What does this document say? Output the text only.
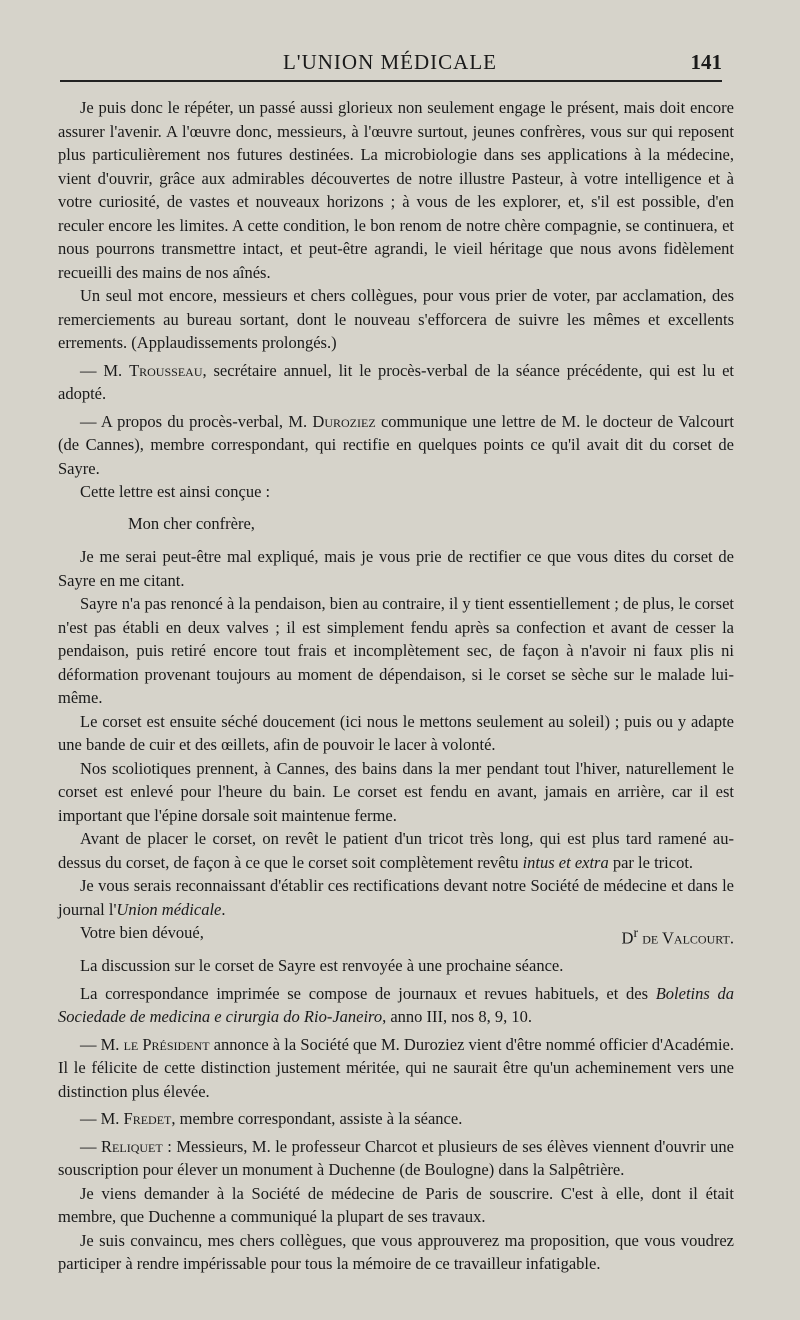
L'UNION MÉDICALE	141

Je puis donc le répéter, un passé aussi glorieux non seulement engage le présent, mais doit encore assurer l'avenir. A l'œuvre donc, messieurs, à l'œuvre surtout, jeunes confrères, vous sur qui reposent plus particulièrement nos futures destinées. La microbiologie dans ses applications à la médecine, vient d'ouvrir, grâce aux admirables découvertes de notre illustre Pasteur, à votre intelligence et à votre curiosité, de vastes et nouveaux horizons ; à vous de les explorer, et, s'il est possible, d'en reculer encore les limites. A cette condition, le bon renom de notre chère compagnie, se continuera, et nous pourrons transmettre intact, et peut-être agrandi, le vieil héritage que nous avons fidèlement recueilli des mains de nos aînés.

Un seul mot encore, messieurs et chers collègues, pour vous prier de voter, par acclamation, des remerciements au bureau sortant, dont le nouveau s'efforcera de suivre les mêmes et excellents errements. (Applaudissements prolongés.)

— M. Trousseau, secrétaire annuel, lit le procès-verbal de la séance précédente, qui est lu et adopté.

— A propos du procès-verbal, M. Duroziez communique une lettre de M. le docteur de Valcourt (de Cannes), membre correspondant, qui rectifie en quelques points ce qu'il avait dit du corset de Sayre.

Cette lettre est ainsi conçue :

Mon cher confrère,

Je me serai peut-être mal expliqué, mais je vous prie de rectifier ce que vous dites du corset de Sayre en me citant.

Sayre n'a pas renoncé à la pendaison, bien au contraire, il y tient essentiellement ; de plus, le corset n'est pas établi en deux valves ; il est simplement fendu après sa confection et avant de cesser la pendaison, puis retiré encore tout frais et incomplètement sec, de façon à n'avoir ni faux plis ni déformation provenant toujours au moment de dépendaison, si le corset se sèche sur le malade lui-même.

Le corset est ensuite séché doucement (ici nous le mettons seulement au soleil) ; puis ou y adapte une bande de cuir et des œillets, afin de pouvoir le lacer à volonté.

Nos scoliotiques prennent, à Cannes, des bains dans la mer pendant tout l'hiver, naturellement le corset est enlevé pour l'heure du bain. Le corset est fendu en avant, jamais en arrière, car il est important que l'épine dorsale soit maintenue ferme.

Avant de placer le corset, on revêt le patient d'un tricot très long, qui est plus tard ramené au-dessus du corset, de façon à ce que le corset soit complètement revêtu intus et extra par le tricot.

Je vous serais reconnaissant d'établir ces rectifications devant notre Société de médecine et dans le journal l'Union médicale.

Votre bien dévoué,	$D^r$ de Valcourt.

La discussion sur le corset de Sayre est renvoyée à une prochaine séance.

La correspondance imprimée se compose de journaux et revues habituels, et des Boletins da Sociedade de medicina e cirurgia do Rio-Janeiro, anno III, nos 8, 9, 10.

— M. le Président annonce à la Société que M. Duroziez vient d'être nommé officier d'Académie. Il le félicite de cette distinction justement méritée, qui ne saurait être qu'un acheminement vers une distinction plus élevée.

— M. Fredet, membre correspondant, assiste à la séance.

— Reliquet : Messieurs, M. le professeur Charcot et plusieurs de ses élèves viennent d'ouvrir une souscription pour élever un monument à Duchenne (de Boulogne) dans la Salpêtrière.

Je viens demander à la Société de médecine de Paris de souscrire. C'est à elle, dont il était membre, que Duchenne a communiqué la plupart de ses travaux.

Je suis convaincu, mes chers collègues, que vous approuverez ma proposition, que vous voudrez participer à rendre impérissable pour tous la mémoire de ce travailleur infatigable.
